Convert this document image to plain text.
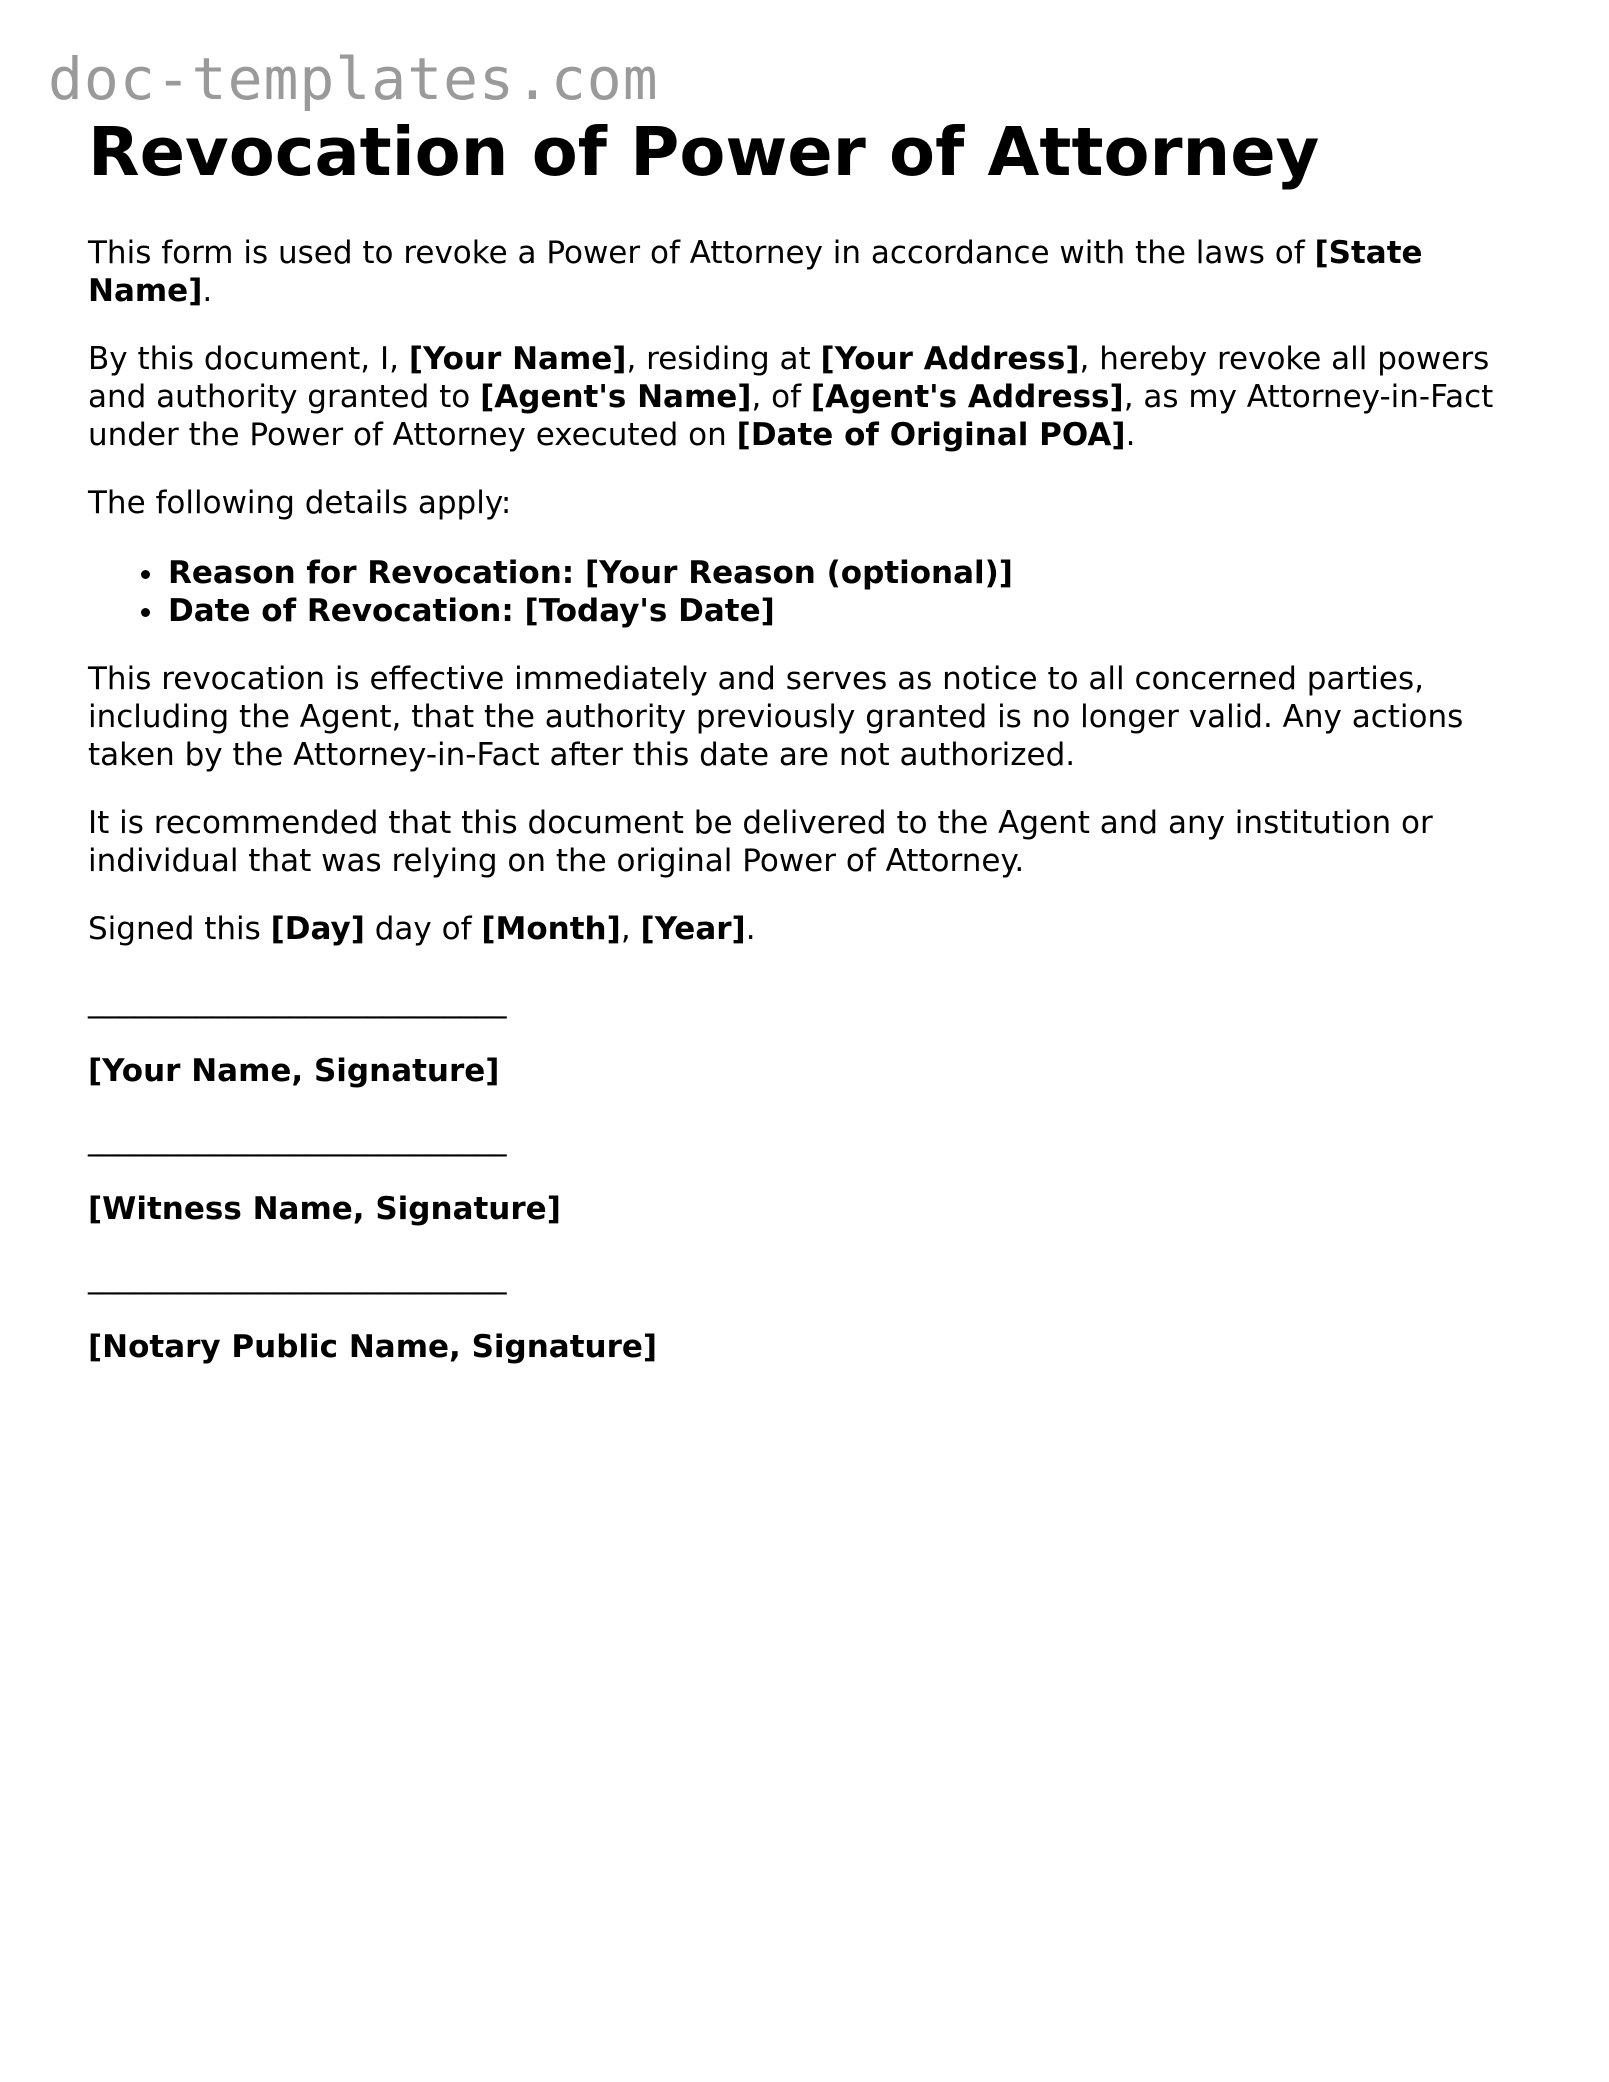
doc-templates.com
Revocation of Power of Attorney

This form is used to revoke a Power of Attorney in accordance with the laws of [State Name].

By this document, I, [Your Name], residing at [Your Address], hereby revoke all powers and authority granted to [Agent's Name], of [Agent's Address], as my Attorney-in-Fact under the Power of Attorney executed on [Date of Original POA].

The following details apply:

• Reason for Revocation: [Your Reason (optional)]
• Date of Revocation: [Today's Date]

This revocation is effective immediately and serves as notice to all concerned parties, including the Agent, that the authority previously granted is no longer valid. Any actions taken by the Attorney-in-Fact after this date are not authorized.

It is recommended that this document be delivered to the Agent and any institution or individual that was relying on the original Power of Attorney.

Signed this [Day] day of [Month], [Year].

___________________________
[Your Name, Signature]
___________________________
[Witness Name, Signature]
___________________________
[Notary Public Name, Signature]
